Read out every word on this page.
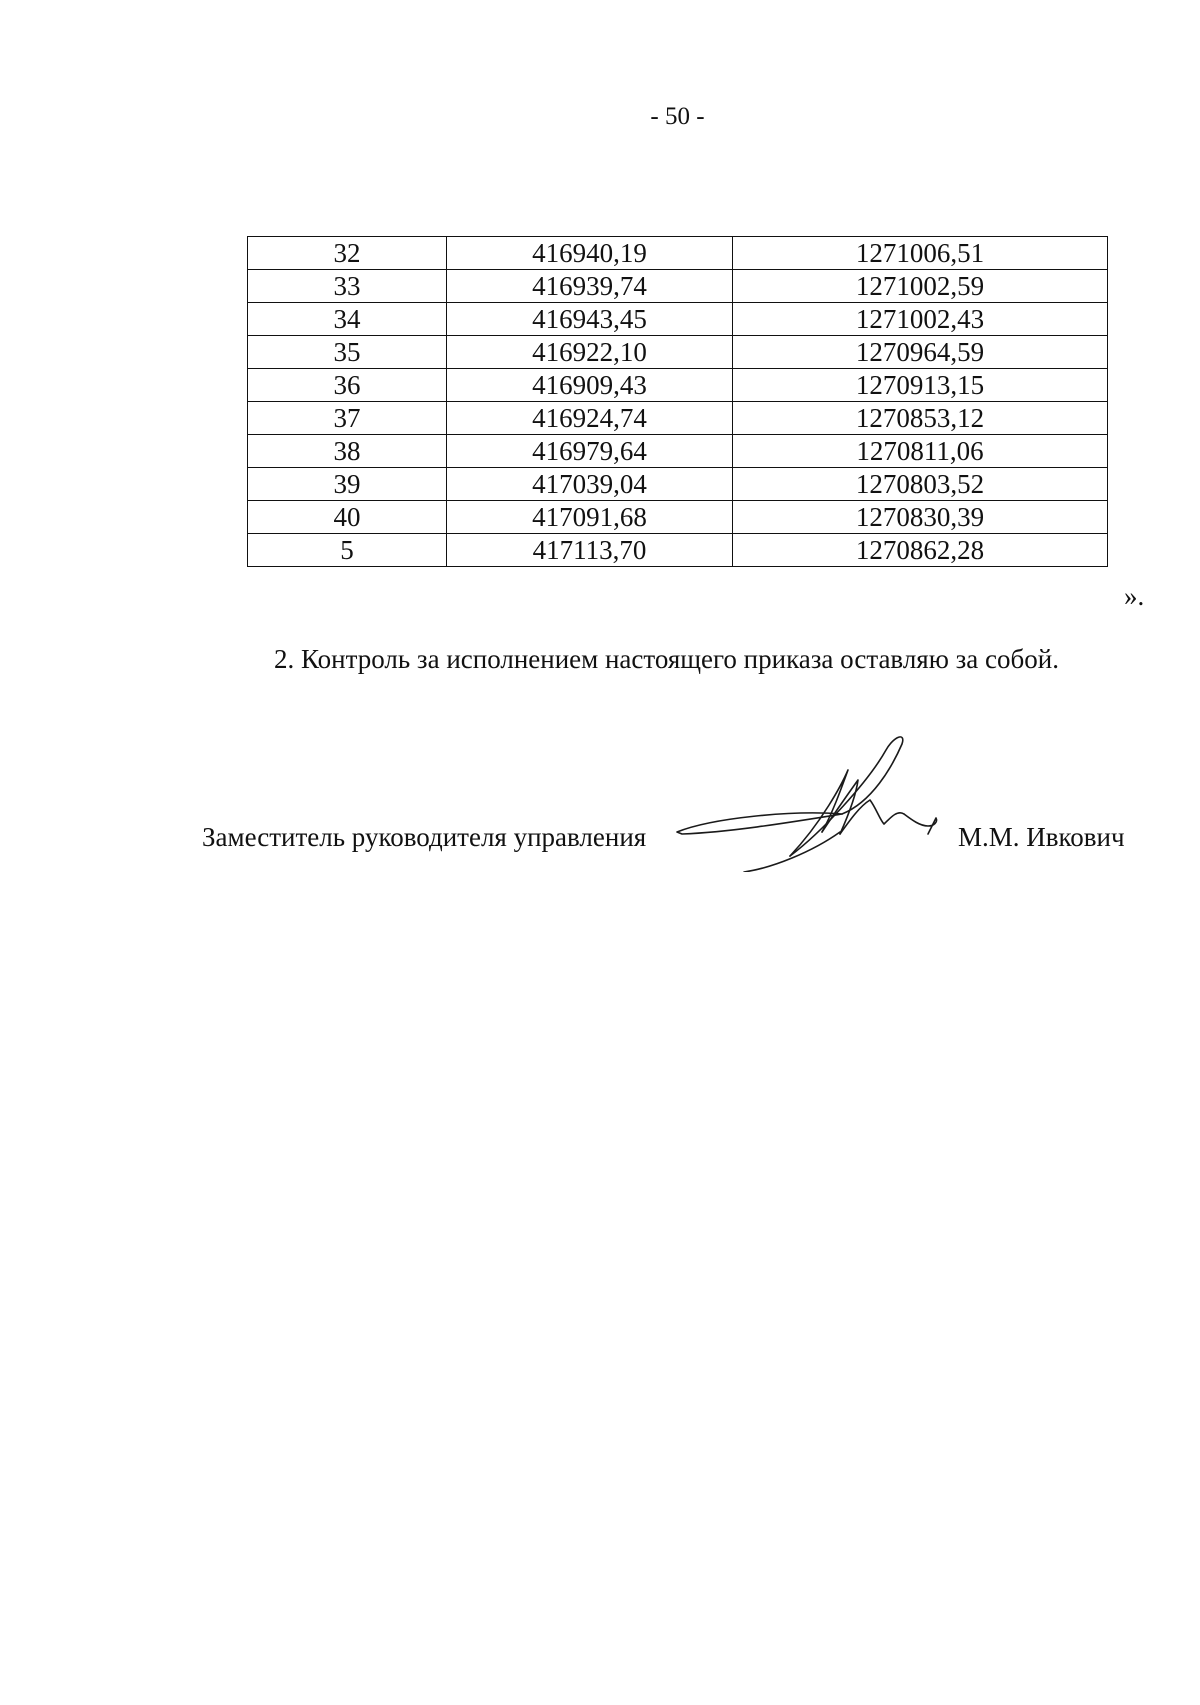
- 50 -
32	416940,19	1271006,51
33	416939,74	1271002,59
34	416943,45	1271002,43
35	416922,10	1270964,59
36	416909,43	1270913,15
37	416924,74	1270853,12
38	416979,64	1270811,06
39	417039,04	1270803,52
40	417091,68	1270830,39
5	417113,70	1270862,28
».
2. Контроль за исполнением настоящего приказа оставляю за собой.
Заместитель руководителя управления	М.М. Ивкович
